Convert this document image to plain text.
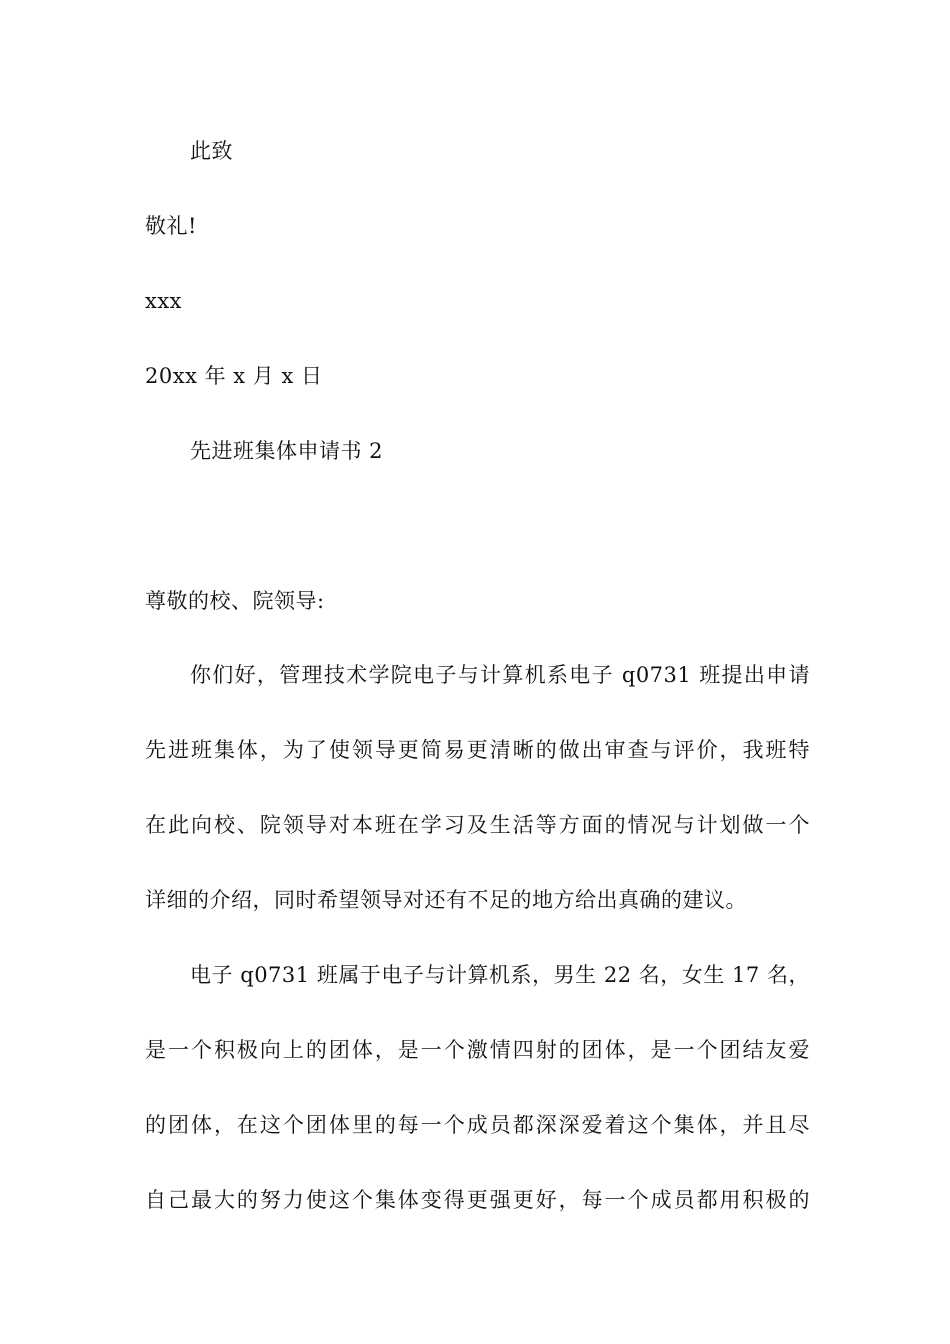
此致
敬礼!
xxx
20xx 年 x 月 x 日
先进班集体申请书 2
尊敬的校、院领导:
你们好，管理技术学院电子与计算机系电子 q0731 班提出申请
先进班集体，为了使领导更简易更清晰的做出审查与评价，我班特
在此向校、院领导对本班在学习及生活等方面的情况与计划做一个
详细的介绍，同时希望领导对还有不足的地方给出真确的建议。
电子 q0731 班属于电子与计算机系，男生 22 名，女生 17 名，
是一个积极向上的团体，是一个激情四射的团体，是一个团结友爱
的团体，在这个团体里的每一个成员都深深爱着这个集体，并且尽
自己最大的努力使这个集体变得更强更好，每一个成员都用积极的
